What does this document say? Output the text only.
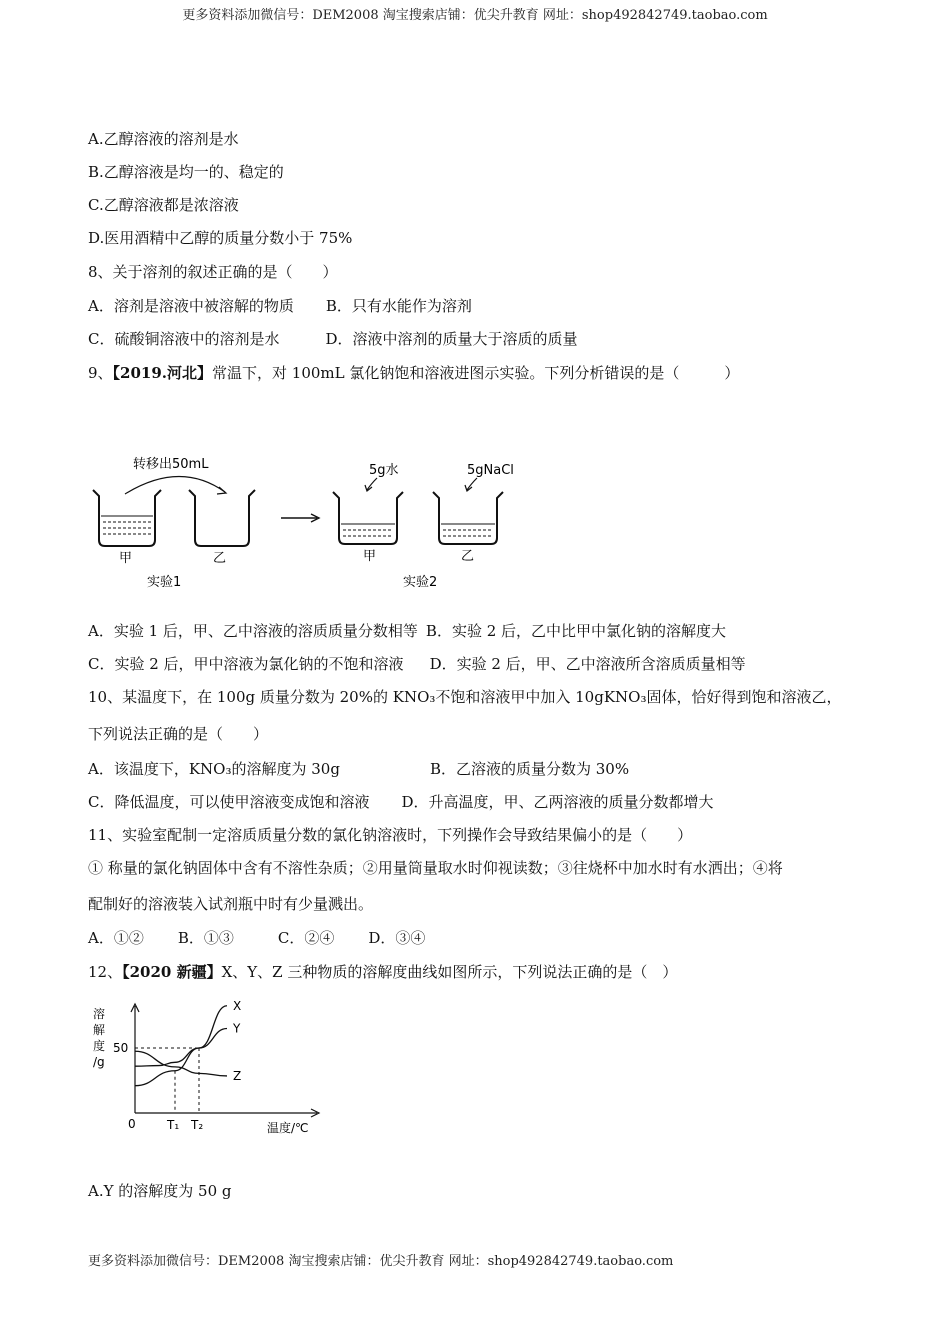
更多资料添加微信号：DEM2008 淘宝搜索店铺：优尖升教育 网址：shop492842749.taobao.com
A.乙醇溶液的溶剂是水
B.乙醇溶液是均一的、稳定的
C.乙醇溶液都是浓溶液
D.医用酒精中乙醇的质量分数小于 75%
8、关于溶剂的叙述正确的是（　　）
A．溶剂是溶液中被溶解的物质 B．只有水能作为溶剂
C．硫酸铜溶液中的溶剂是水	D．溶液中溶剂的质量大于溶质的质量
9、【2019.河北】常温下，对 100mL 氯化钠饱和溶液进图示实验。下列分析错误的是（　　　）
转移出50mL
甲	乙
实验1
5g水	5gNaCl
甲	乙
实验2
A．实验 1 后，甲、乙中溶液的溶质质量分数相等 B．实验 2 后，乙中比甲中氯化钠的溶解度大
C．实验 2 后，甲中溶液为氯化钠的不饱和溶液 D．实验 2 后，甲、乙中溶液所含溶质质量相等
10、某温度下，在 100g 质量分数为 20%的 KNO₃不饱和溶液甲中加入 10gKNO₃固体，恰好得到饱和溶液乙，
下列说法正确的是（　　）
A．该温度下，KNO₃的溶解度为 30g	B．乙溶液的质量分数为 30%
C．降低温度，可以使甲溶液变成饱和溶液 D．升高温度，甲、乙两溶液的质量分数都增大
11、实验室配制一定溶质质量分数的氯化钠溶液时，下列操作会导致结果偏小的是（　　）
① 称量的氯化钠固体中含有不溶性杂质；②用量筒量取水时仰视读数；③往烧杯中加水时有水洒出；④将
配制好的溶液装入试剂瓶中时有少量溅出。
A．①② B．①③	C．②④ D．③④
12、【2020 新疆】X、Y、Z 三种物质的溶解度曲线如图所示，下列说法正确的是（　）
溶
解
度
/g
X
Y
Z
50
T₁ T₂
0	温度/℃
A.Y 的溶解度为 50 g
更多资料添加微信号：DEM2008 淘宝搜索店铺：优尖升教育 网址：shop492842749.taobao.com
